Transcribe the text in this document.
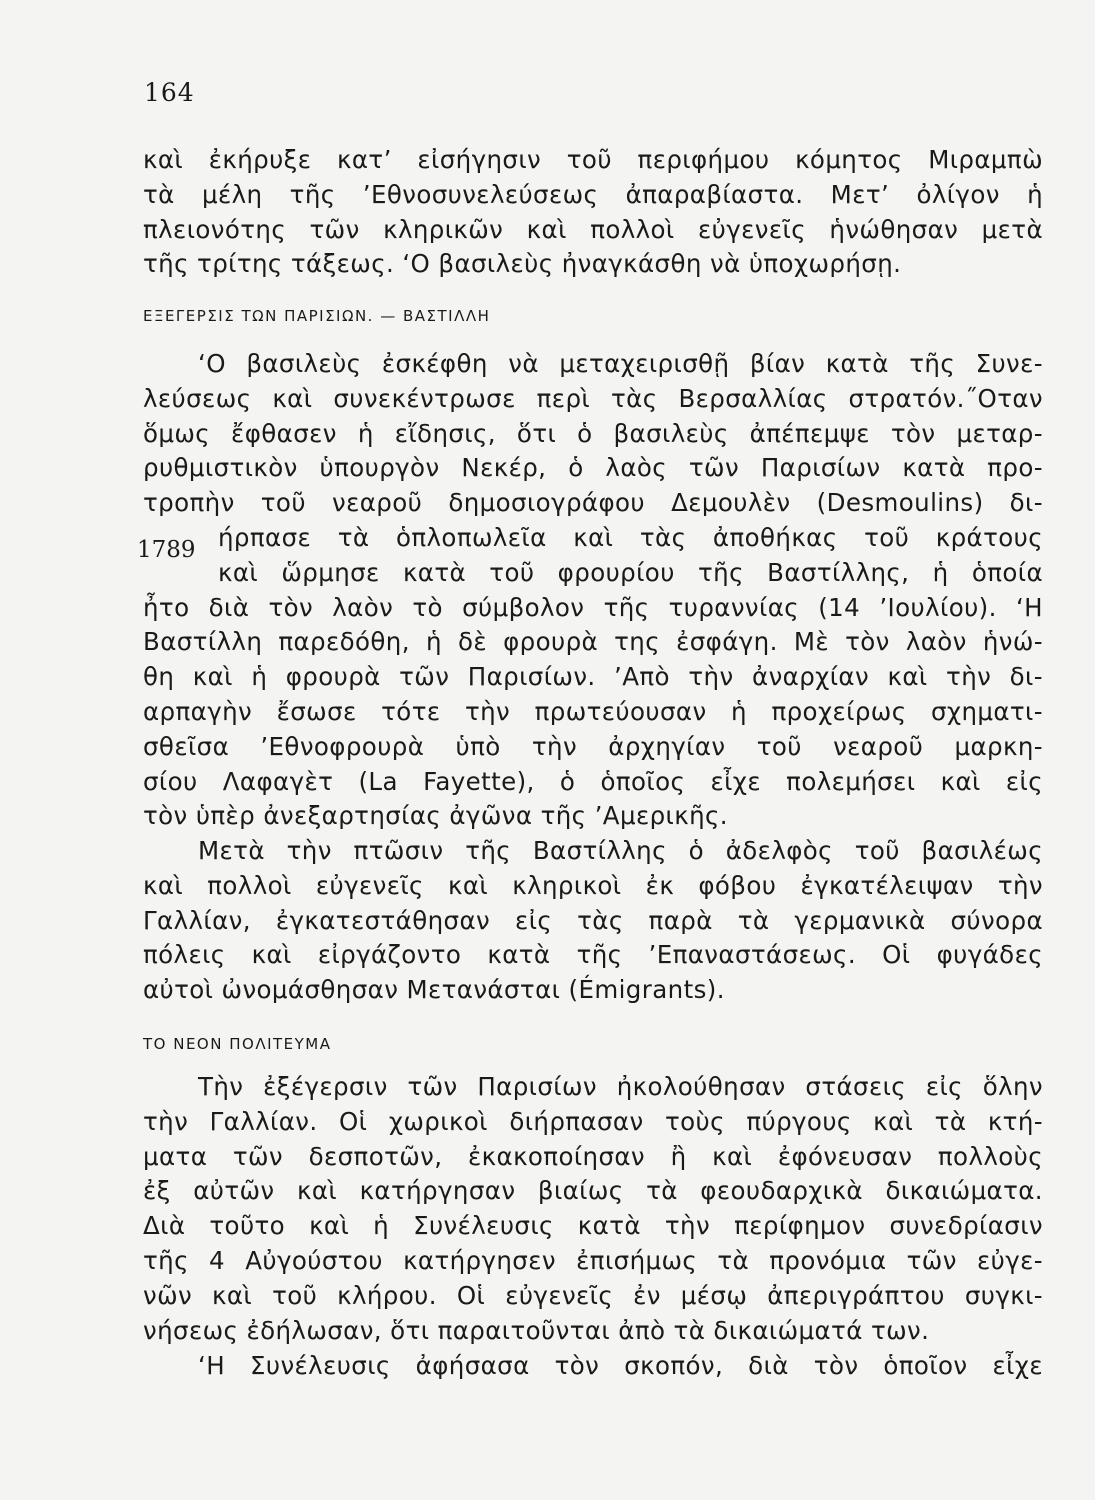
164
καὶ ἐκήρυξε κατ’ εἰσήγησιν τοῦ περιφήμου κόμητος Μιραμπὼ
τὰ μέλη τῆς ’Εθνοσυνελεύσεως ἀπαραβίαστα. Μετ’ ὀλίγον ἡ
πλειονότης τῶν κληρικῶν καὶ πολλοὶ εὐγενεῖς ἡνώθησαν μετὰ
τῆς τρίτης τάξεως. ‘Ο βασιλεὺς ἠναγκάσθη νὰ ὑποχωρήσῃ.
ΕΞΕΓΕΡΣΙΣ ΤΩΝ ΠΑΡΙΣΙΩΝ. — ΒΑΣΤΙΛΛΗ
1789
‘Ο βασιλεὺς ἐσκέφθη νὰ μεταχειρισθῇ βίαν κατὰ τῆς Συνε-
λεύσεως καὶ συνεκέντρωσε περὶ τὰς Βερσαλλίας στρατόν.˝Οταν
ὅμως ἔφθασεν ἡ εἴδησις, ὅτι ὁ βασιλεὺς ἀπέπεμψε τὸν μεταρ-
ρυθμιστικὸν ὑπουργὸν Νεκέρ, ὁ λαὸς τῶν Παρισίων κατὰ προ-
τροπὴν τοῦ νεαροῦ δημοσιογράφου Δεμουλὲν (Desmoulins) δι-
ήρπασε τὰ ὁπλοπωλεῖα καὶ τὰς ἀποθήκας τοῦ κράτους
καὶ ὥρμησε κατὰ τοῦ φρουρίου τῆς Βαστίλλης, ἡ ὁποία
ἦτο διὰ τὸν λαὸν τὸ σύμβολον τῆς τυραννίας (14 ’Ιουλίου). ‘Η
Βαστίλλη παρεδόθη, ἡ δὲ φρουρὰ της ἐσφάγη. Μὲ τὸν λαὸν ἡνώ-
θη καὶ ἡ φρουρὰ τῶν Παρισίων. ’Απὸ τὴν ἀναρχίαν καὶ τὴν δι-
αρπαγὴν ἔσωσε τότε τὴν πρωτεύουσαν ἡ προχείρως σχηματι-
σθεῖσα ’Εθνοφρουρὰ ὑπὸ τὴν ἀρχηγίαν τοῦ νεαροῦ μαρκη-
σίου Λαφαγὲτ (La Fayette), ὁ ὁποῖος εἶχε πολεμήσει καὶ εἰς
τὸν ὑπὲρ ἀνεξαρτησίας ἀγῶνα τῆς ’Αμερικῆς.
Μετὰ τὴν πτῶσιν τῆς Βαστίλλης ὁ ἀδελφὸς τοῦ βασιλέως
καὶ πολλοὶ εὐγενεῖς καὶ κληρικοὶ ἐκ φόβου ἐγκατέλειψαν τὴν
Γαλλίαν, ἐγκατεστάθησαν εἰς τὰς παρὰ τὰ γερμανικὰ σύνορα
πόλεις καὶ εἰργάζοντο κατὰ τῆς ’Επαναστάσεως. Οἱ φυγάδες
αὐτοὶ ὠνομάσθησαν Μετανάσται (Émigrants).
ΤΟ ΝΕΟΝ ΠΟΛΙΤΕΥΜΑ
Τὴν ἐξέγερσιν τῶν Παρισίων ἠκολούθησαν στάσεις εἰς ὅλην
τὴν Γαλλίαν. Οἱ χωρικοὶ διήρπασαν τοὺς πύργους καὶ τὰ κτή-
ματα τῶν δεσποτῶν, ἐκακοποίησαν ἢ καὶ ἐφόνευσαν πολλοὺς
ἐξ αὐτῶν καὶ κατήργησαν βιαίως τὰ φεουδαρχικὰ δικαιώματα.
Διὰ τοῦτο καὶ ἡ Συνέλευσις κατὰ τὴν περίφημον συνεδρίασιν
τῆς 4 Αὐγούστου κατήργησεν ἐπισήμως τὰ προνόμια τῶν εὐγε-
νῶν καὶ τοῦ κλήρου. Οἱ εὐγενεῖς ἐν μέσῳ ἀπεριγράπτου συγκι-
νήσεως ἐδήλωσαν, ὅτι παραιτοῦνται ἀπὸ τὰ δικαιώματά των.
‘Η Συνέλευσις ἀφήσασα τὸν σκοπόν, διὰ τὸν ὁποῖον εἶχε
